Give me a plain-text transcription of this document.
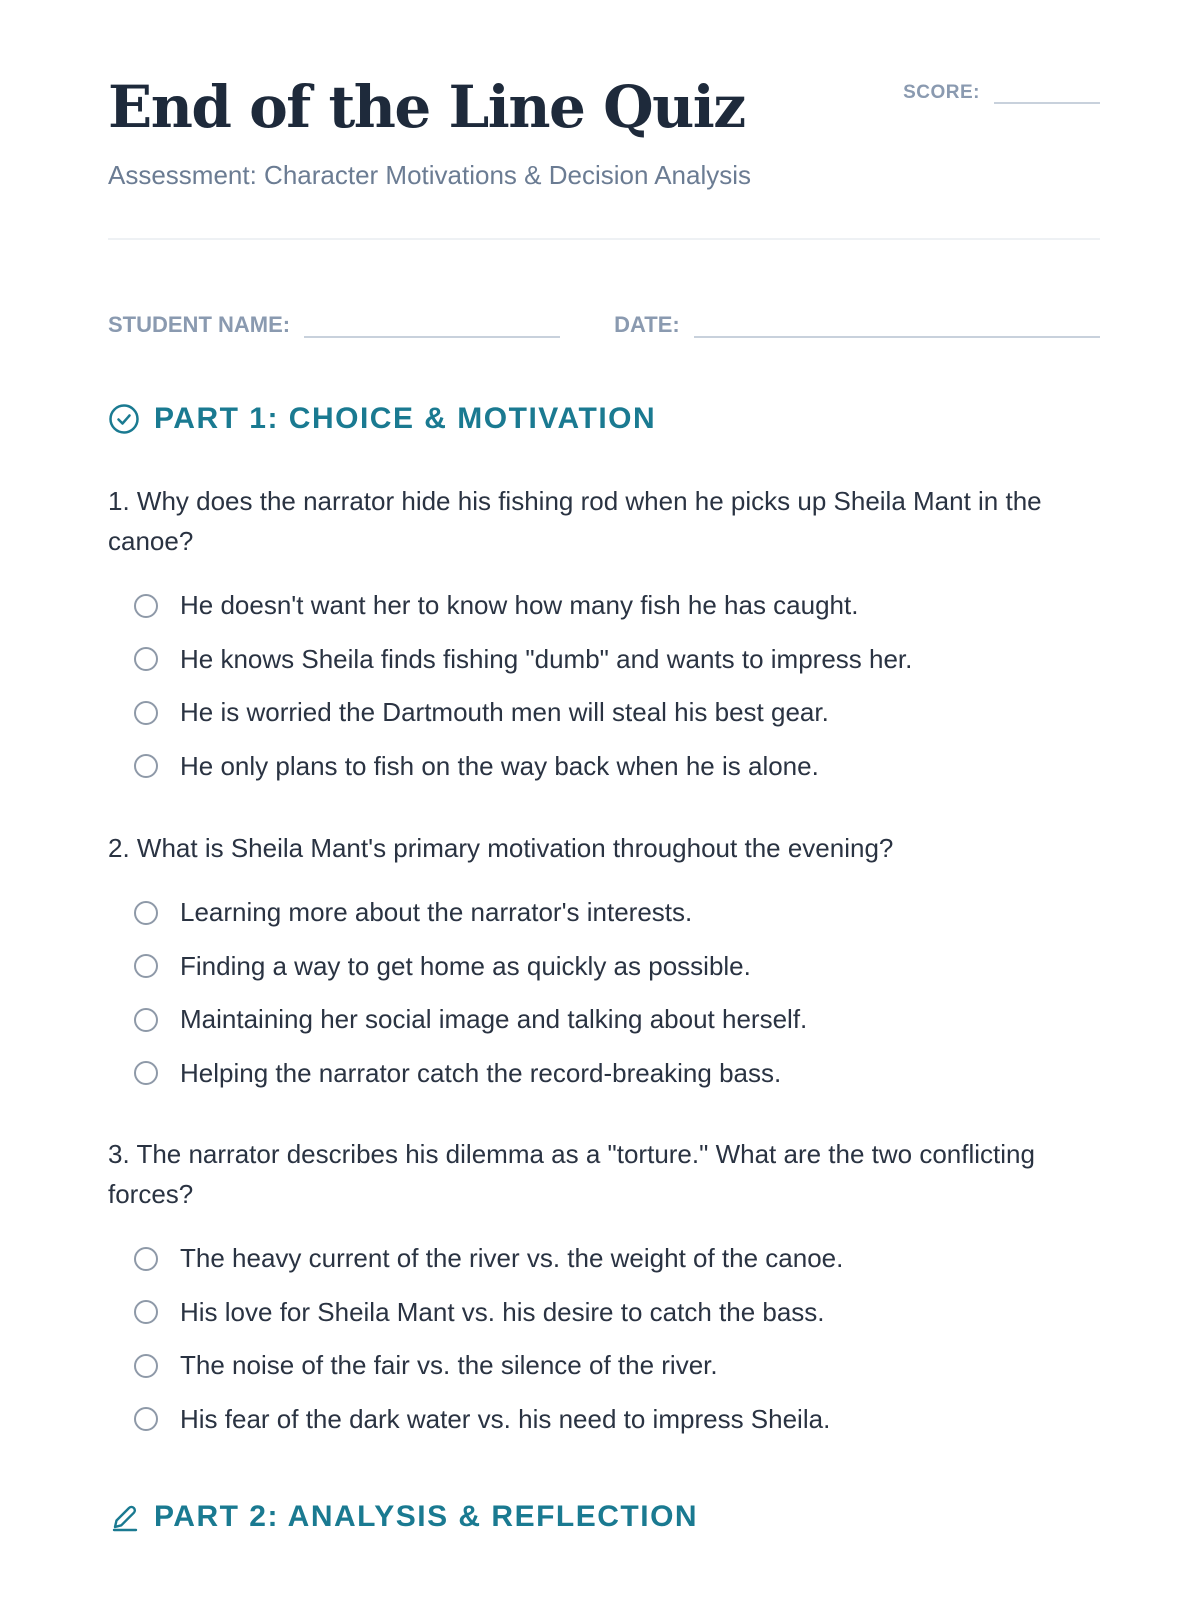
End of the Line Quiz
Assessment: Character Motivations & Decision Analysis
SCORE:
STUDENT NAME:	DATE:
PART 1: CHOICE & MOTIVATION
1. Why does the narrator hide his fishing rod when he picks up Sheila Mant in the canoe?
He doesn't want her to know how many fish he has caught.
He knows Sheila finds fishing "dumb" and wants to impress her.
He is worried the Dartmouth men will steal his best gear.
He only plans to fish on the way back when he is alone.
2. What is Sheila Mant's primary motivation throughout the evening?
Learning more about the narrator's interests.
Finding a way to get home as quickly as possible.
Maintaining her social image and talking about herself.
Helping the narrator catch the record-breaking bass.
3. The narrator describes his dilemma as a "torture." What are the two conflicting forces?
The heavy current of the river vs. the weight of the canoe.
His love for Sheila Mant vs. his desire to catch the bass.
The noise of the fair vs. the silence of the river.
His fear of the dark water vs. his need to impress Sheila.
PART 2: ANALYSIS & REFLECTION
